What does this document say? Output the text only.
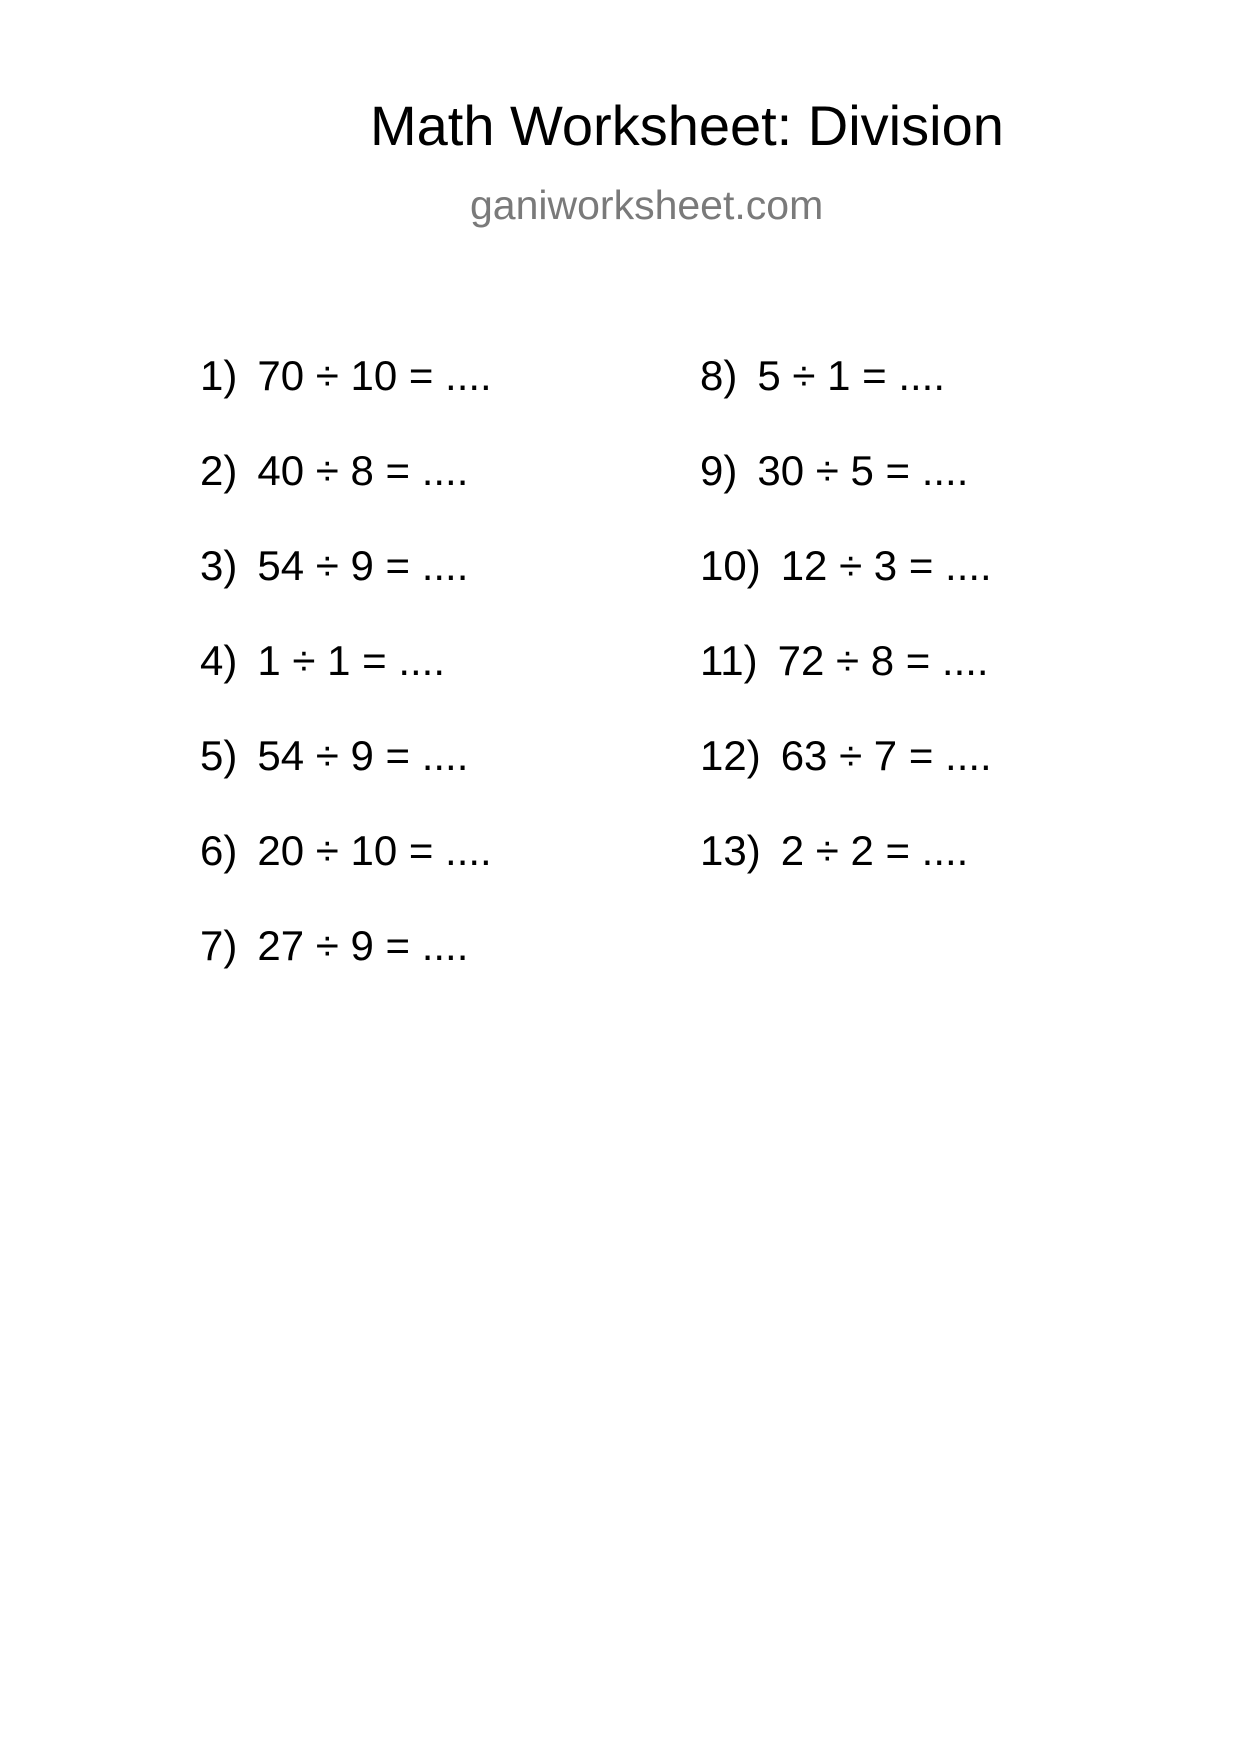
Math Worksheet: Division
ganiworksheet.com
1) 70 ÷ 10 = ....
2) 40 ÷ 8 = ....
3) 54 ÷ 9 = ....
4) 1 ÷ 1 = ....
5) 54 ÷ 9 = ....
6) 20 ÷ 10 = ....
7) 27 ÷ 9 = ....
8) 5 ÷ 1 = ....
9) 30 ÷ 5 = ....
10) 12 ÷ 3 = ....
11) 72 ÷ 8 = ....
12) 63 ÷ 7 = ....
13) 2 ÷ 2 = ....
